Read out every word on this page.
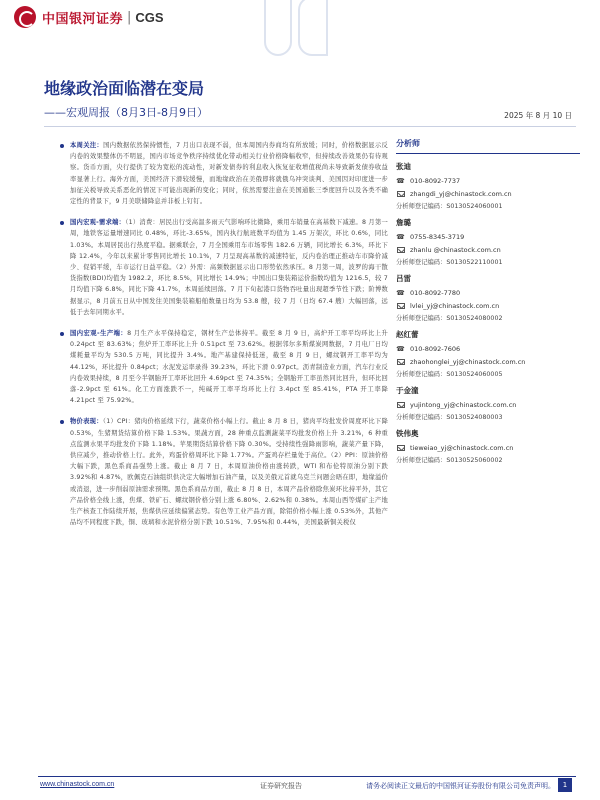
中国银河证券 | CGS
地缘政治面临潜在变局
——宏观周报（8月3日-8月9日）	2025 年 8 月 10 日

本周关注：国内数据依然保持惯性，7 月出口表现不弱，但本周国内券商均有所放缓；同时，价格数据显示反内卷的效果整体仍不明显，国内市场竞争秩序持续优化带动相关行业价格降幅收窄，但持续改善效果仍有待观察。货币方面，央行提供了较为宽松的流动性，对新发债券的利息收入恢复征收增值税尚未导致新发债券收益率显著上行。海外方面，美国经济下滑较缓慢，而地缘政治在美俄即将就俄乌冲突谈判、美国因对印度进一步加征关税导致关系恶化的情况下可能出现新的变化；同时，依然需要注意在美国通胀三季度回升以及各类不确定性的背景下，9 月美联储降息并非板上钉钉。

国内宏观-需求端：（1）消费：居民出行受高温多雨天气影响环比微降，乘用车销量在高基数下减速。8 月第一周，地铁客运量增速同比 0.48%，环比-3.65%，国内执行航班数平均值为 1.45 万架次，环比 0.6%，同比 1.03%。本周居民出行热度平稳。据乘联会，7 月全国乘用车市场零售 182.6 万辆，同比增长 6.3%，环比下降 12.4%，今年以来累计零售同比增长 10.1%，7 月呈现高基数的减速特征，反内卷治理正推动车市降价减少、促销平缓，车市运行日益平稳。（2）外需：高频数据显示出口形势依然承压。8 月第一周，波罗的海干散货指数(BDI)均值为 1982.2，环比 8.5%，同比增长 14.9%；中国出口集装箱运价指数均值为 1216.5，较 7 月均值下降 6.8%，同比下降 41.7%，本周延续回落。7 月下旬起港口货物吞吐量出现超季节性下跌；阶博数据显示，8 月前五日从中国发往美国集装箱船舶数量日均为 53.8 艘，较 7 月（日均 67.4 艘）大幅回落，远低于去年同期水平。

国内宏观-生产端：8 月生产水平保持稳定，钢材生产总体持平。截至 8 月 9 日，高炉开工率平均环比上升 0.24pct 至 83.63%；焦炉开工率环比上升 0.51pct 至 73.62%。根据邻尔多斯煤炭网数据，7 月电厂日均煤耗量平均为 530.5 万吨，同比提升 3.4%。地产基建保持低迷，截至 8 月 9 日，螺纹钢开工率平均为 44.12%，环比提升 0.84pct；水泥发运率录得 39.23%，环比下滑 0.97pct。沥青制造业方面，汽车行业反内卷效果持续，8 月至今半钢胎开工率环比回升 4.69pct 至 74.35%；全钢胎开工率虽然同比回升，但环比回落-2.9pct 至 61%。化工方面涨跌不一，纯碱开工率平均环比上行 3.4pct 至 85.41%，PTA 开工率降 4.21pct 至 75.92%。

物价表现：（1）CPI：猪肉价格延续下行，蔬菜价格小幅上行。截止 8 月 8 日，猪肉平均批发价周度环比下降 0.53%，生猪期货结算价格下降 1.53%。果蔬方面，28 种重点监测蔬菜平均批发价格上升 3.21%，6 种重点监测水果平均批发价下降 1.18%。苹果期货结算价格下降 0.30%。受持续性强降雨影响，蔬菜产量下降，供应减少，推动价格上行。此外，鸡蛋价格周环比下降 1.77%。产蛋鸡存栏量处于高位。（2）PPI：原油价格大幅下跌，黑色系商品强势上涨。截止 8 月 7 日，本周原油价格由涨转跌，WTI 和布伦特原油分别下跌 3.92%和 4.87%，欧佩克石油组织供决定大幅增加石油产量，以及美俄元首就乌克兰问题会晤在即，地缘溢价或消退，进一步削弱原油需求预期。黑色系商品方面，截止 8 月 8 日，本周产品价格除焦炭环比持平外，其它产品价格全线上涨，焦煤、铁矿石、螺纹钢价格分别上涨 6.80%、2.62%和 0.38%。本周山西等煤矿主产地生产核查工作陆续开展，焦煤供应延续偏紧态势。有色等工业产品方面，除铝价格小幅上涨 0.53%外，其他产品均不同程度下跌，铜、玻璃和水泥价格分别下跌 10.51%、7.95%和 0.44%，美国最新铜关税仅

分析师
张迪
☎ 010-8092-7737
zhangdi_yj@chinastock.com.cn
分析师登记编码：S0130524060001
詹璐
☎ 0755-8345-3719
zhanlu @chinastock.com.cn
分析师登记编码：S0130522110001
吕雷
☎ 010-8092-7780
lvlei_yj@chinastock.com.cn
分析师登记编码：S0130524080002
赵红蕾
☎ 010-8092-7606
zhaohonglei_yj@chinastock.com.cn
分析师登记编码：S0130524060005
于金潼
yujintong_yj@chinastock.com.cn
分析师登记编码：S0130524080003
铁伟奥
tieweiao_yj@chinastock.com.cn
分析师登记编码：S0130525060002
www.chinastock.com.cn	证券研究报告	请务必阅读正文最后的中国银河证券股份有限公司免责声明。	1
